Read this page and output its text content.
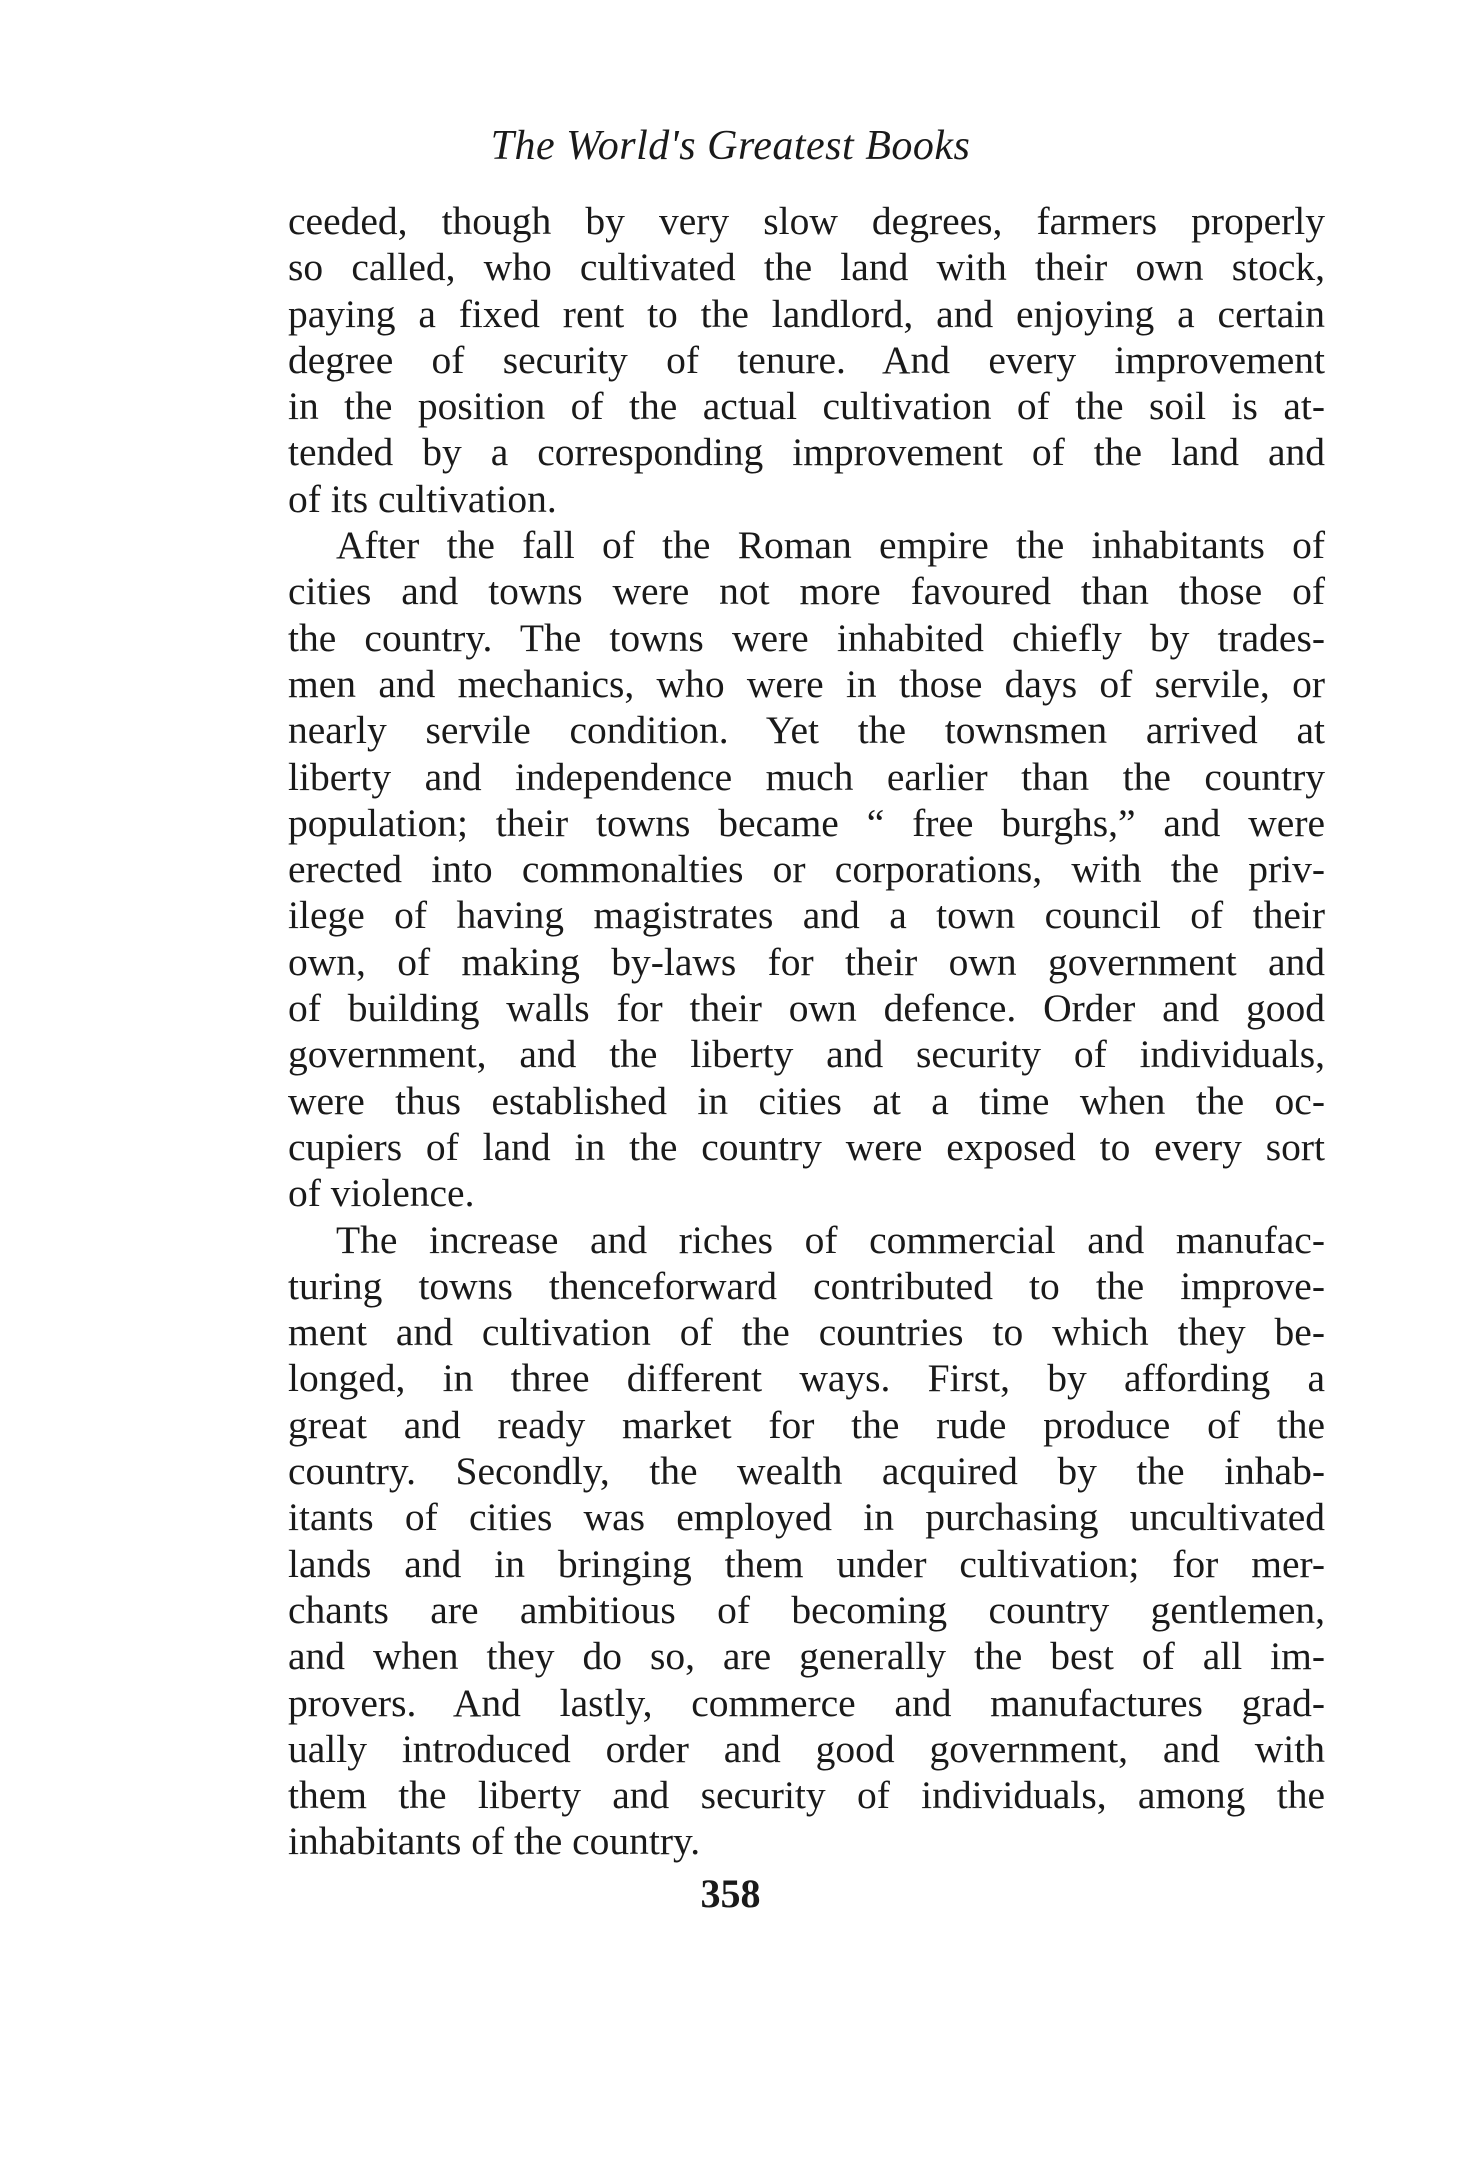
The World's Greatest Books

ceeded, though by very slow degrees, farmers properly
so called, who cultivated the land with their own stock,
paying a fixed rent to the landlord, and enjoying a certain
degree of security of tenure. And every improvement
in the position of the actual cultivation of the soil is at-
tended by a corresponding improvement of the land and
of its cultivation.

After the fall of the Roman empire the inhabitants of
cities and towns were not more favoured than those of
the country. The towns were inhabited chiefly by trades-
men and mechanics, who were in those days of servile, or
nearly servile condition. Yet the townsmen arrived at
liberty and independence much earlier than the country
population; their towns became “ free burghs,” and were
erected into commonalties or corporations, with the priv-
ilege of having magistrates and a town council of their
own, of making by-laws for their own government and
of building walls for their own defence. Order and good
government, and the liberty and security of individuals,
were thus established in cities at a time when the oc-
cupiers of land in the country were exposed to every sort
of violence.

The increase and riches of commercial and manufac-
turing towns thenceforward contributed to the improve-
ment and cultivation of the countries to which they be-
longed, in three different ways. First, by affording a
great and ready market for the rude produce of the
country. Secondly, the wealth acquired by the inhab-
itants of cities was employed in purchasing uncultivated
lands and in bringing them under cultivation; for mer-
chants are ambitious of becoming country gentlemen,
and when they do so, are generally the best of all im-
provers. And lastly, commerce and manufactures grad-
ually introduced order and good government, and with
them the liberty and security of individuals, among the
inhabitants of the country.

358
